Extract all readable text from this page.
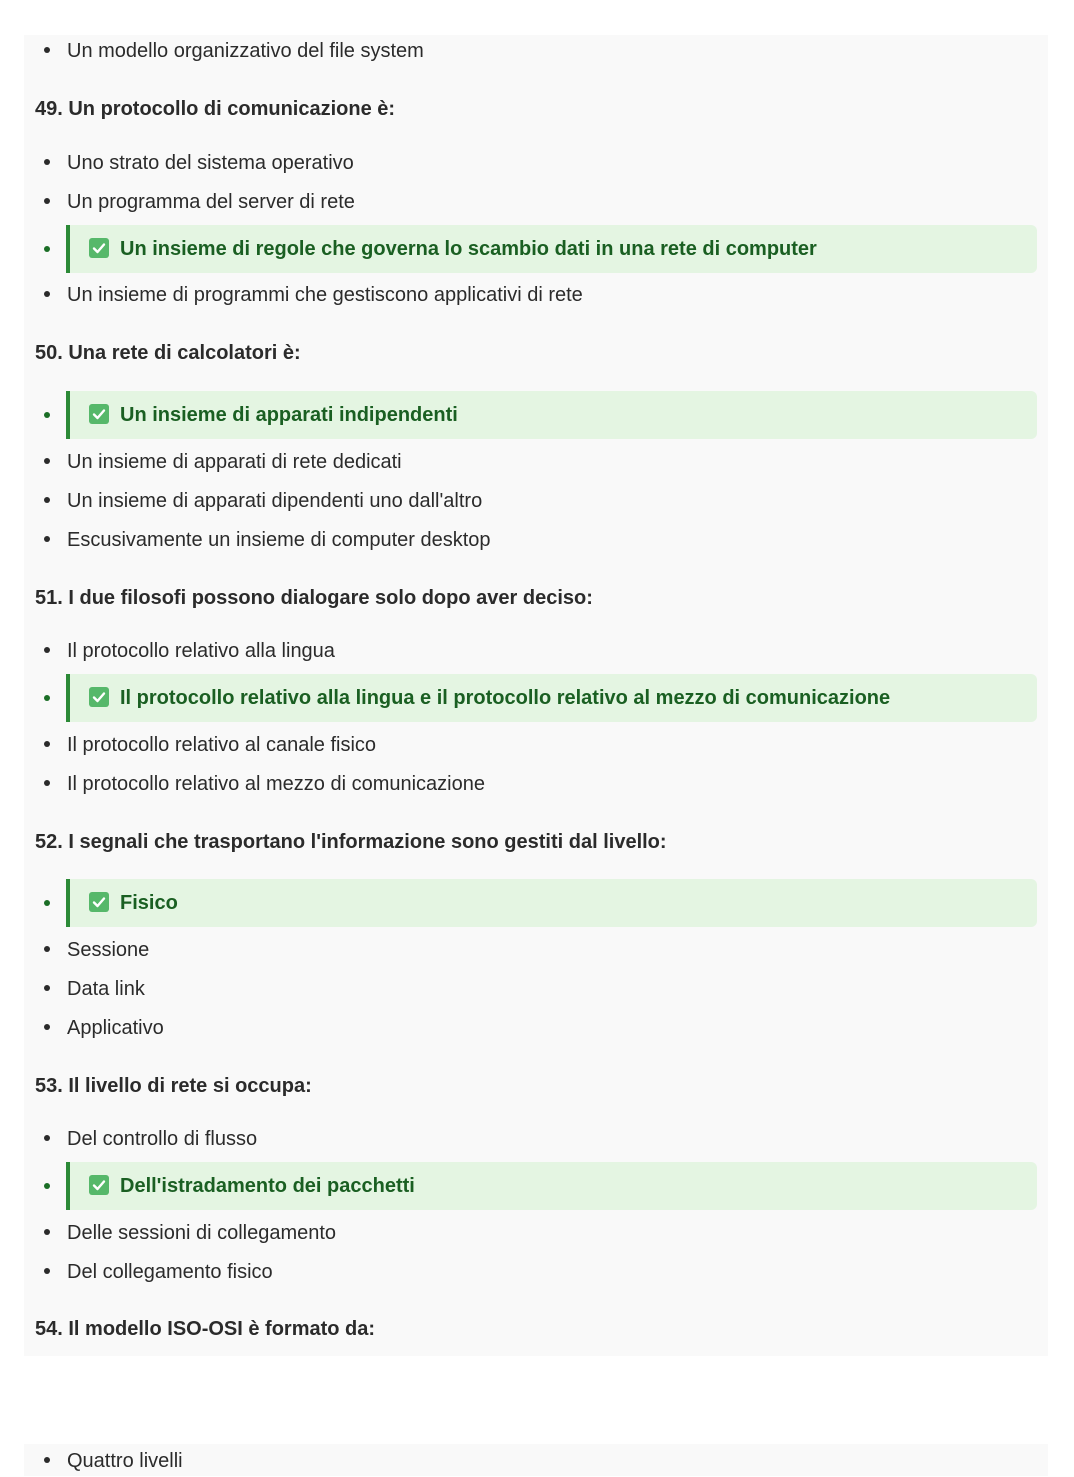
Un modello organizzativo del file system
49. Un protocollo di comunicazione è:
Uno strato del sistema operativo
Un programma del server di rete
Un insieme di regole che governa lo scambio dati in una rete di computer
Un insieme di programmi che gestiscono applicativi di rete
50. Una rete di calcolatori è:
Un insieme di apparati indipendenti
Un insieme di apparati di rete dedicati
Un insieme di apparati dipendenti uno dall'altro
Escusivamente un insieme di computer desktop
51. I due filosofi possono dialogare solo dopo aver deciso:
Il protocollo relativo alla lingua
Il protocollo relativo alla lingua e il protocollo relativo al mezzo di comunicazione
Il protocollo relativo al canale fisico
Il protocollo relativo al mezzo di comunicazione
52. I segnali che trasportano l'informazione sono gestiti dal livello:
Fisico
Sessione
Data link
Applicativo
53. Il livello di rete si occupa:
Del controllo di flusso
Dell'istradamento dei pacchetti
Delle sessioni di collegamento
Del collegamento fisico
54. Il modello ISO-OSI è formato da:
Quattro livelli
